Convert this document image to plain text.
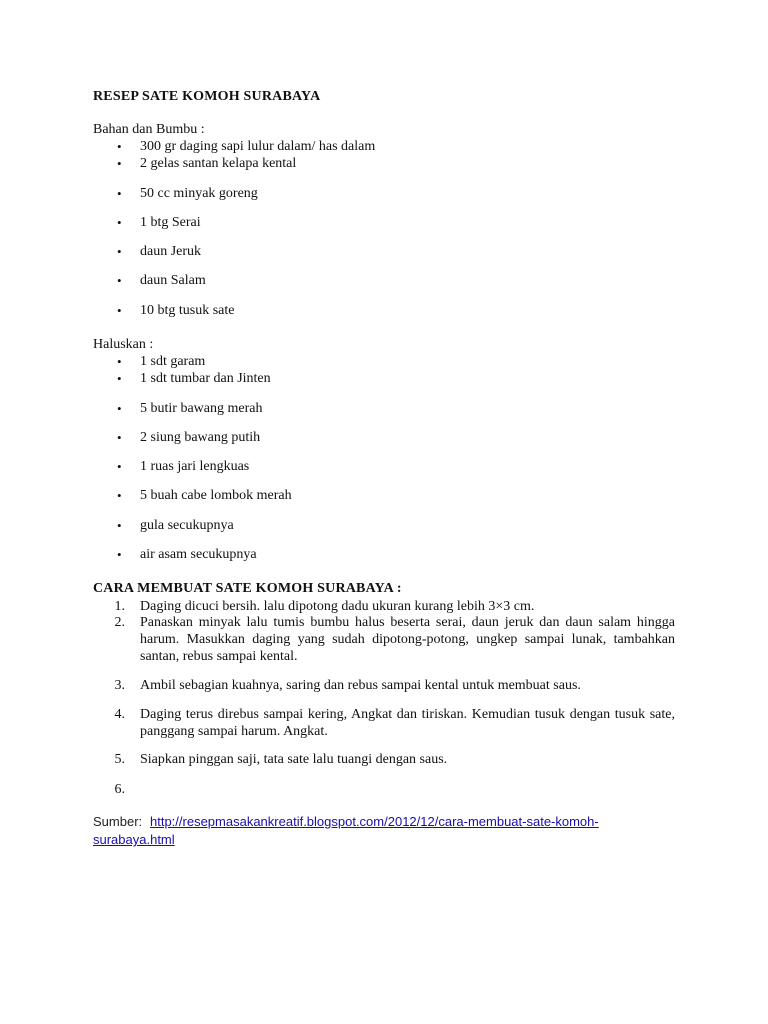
RESEP SATE KOMOH SURABAYA
Bahan dan Bumbu :
• 300 gr daging sapi lulur dalam/ has dalam
• 2 gelas santan kelapa kental
• 50 cc minyak goreng
• 1 btg Serai
• daun Jeruk
• daun Salam
• 10 btg tusuk sate
Haluskan :
• 1 sdt garam
• 1 sdt tumbar dan Jinten
• 5 butir bawang merah
• 2 siung bawang putih
• 1 ruas jari lengkuas
• 5 buah cabe lombok merah
• gula secukupnya
• air asam secukupnya
CARA MEMBUAT SATE KOMOH SURABAYA :
1. Daging dicuci bersih. lalu dipotong dadu ukuran kurang lebih 3×3 cm.
2. Panaskan minyak lalu tumis bumbu halus beserta serai, daun jeruk dan daun salam hingga harum. Masukkan daging yang sudah dipotong-potong, ungkep sampai lunak, tambahkan santan, rebus sampai kental.
3. Ambil sebagian kuahnya, saring dan rebus sampai kental untuk membuat saus.
4. Daging terus direbus sampai kering, Angkat dan tiriskan. Kemudian tusuk dengan tusuk sate, panggang sampai harum. Angkat.
5. Siapkan pinggan saji, tata sate lalu tuangi dengan saus.
6.
Sumber: http://resepmasakankreatif.blogspot.com/2012/12/cara-membuat-sate-komoh-
surabaya.html
